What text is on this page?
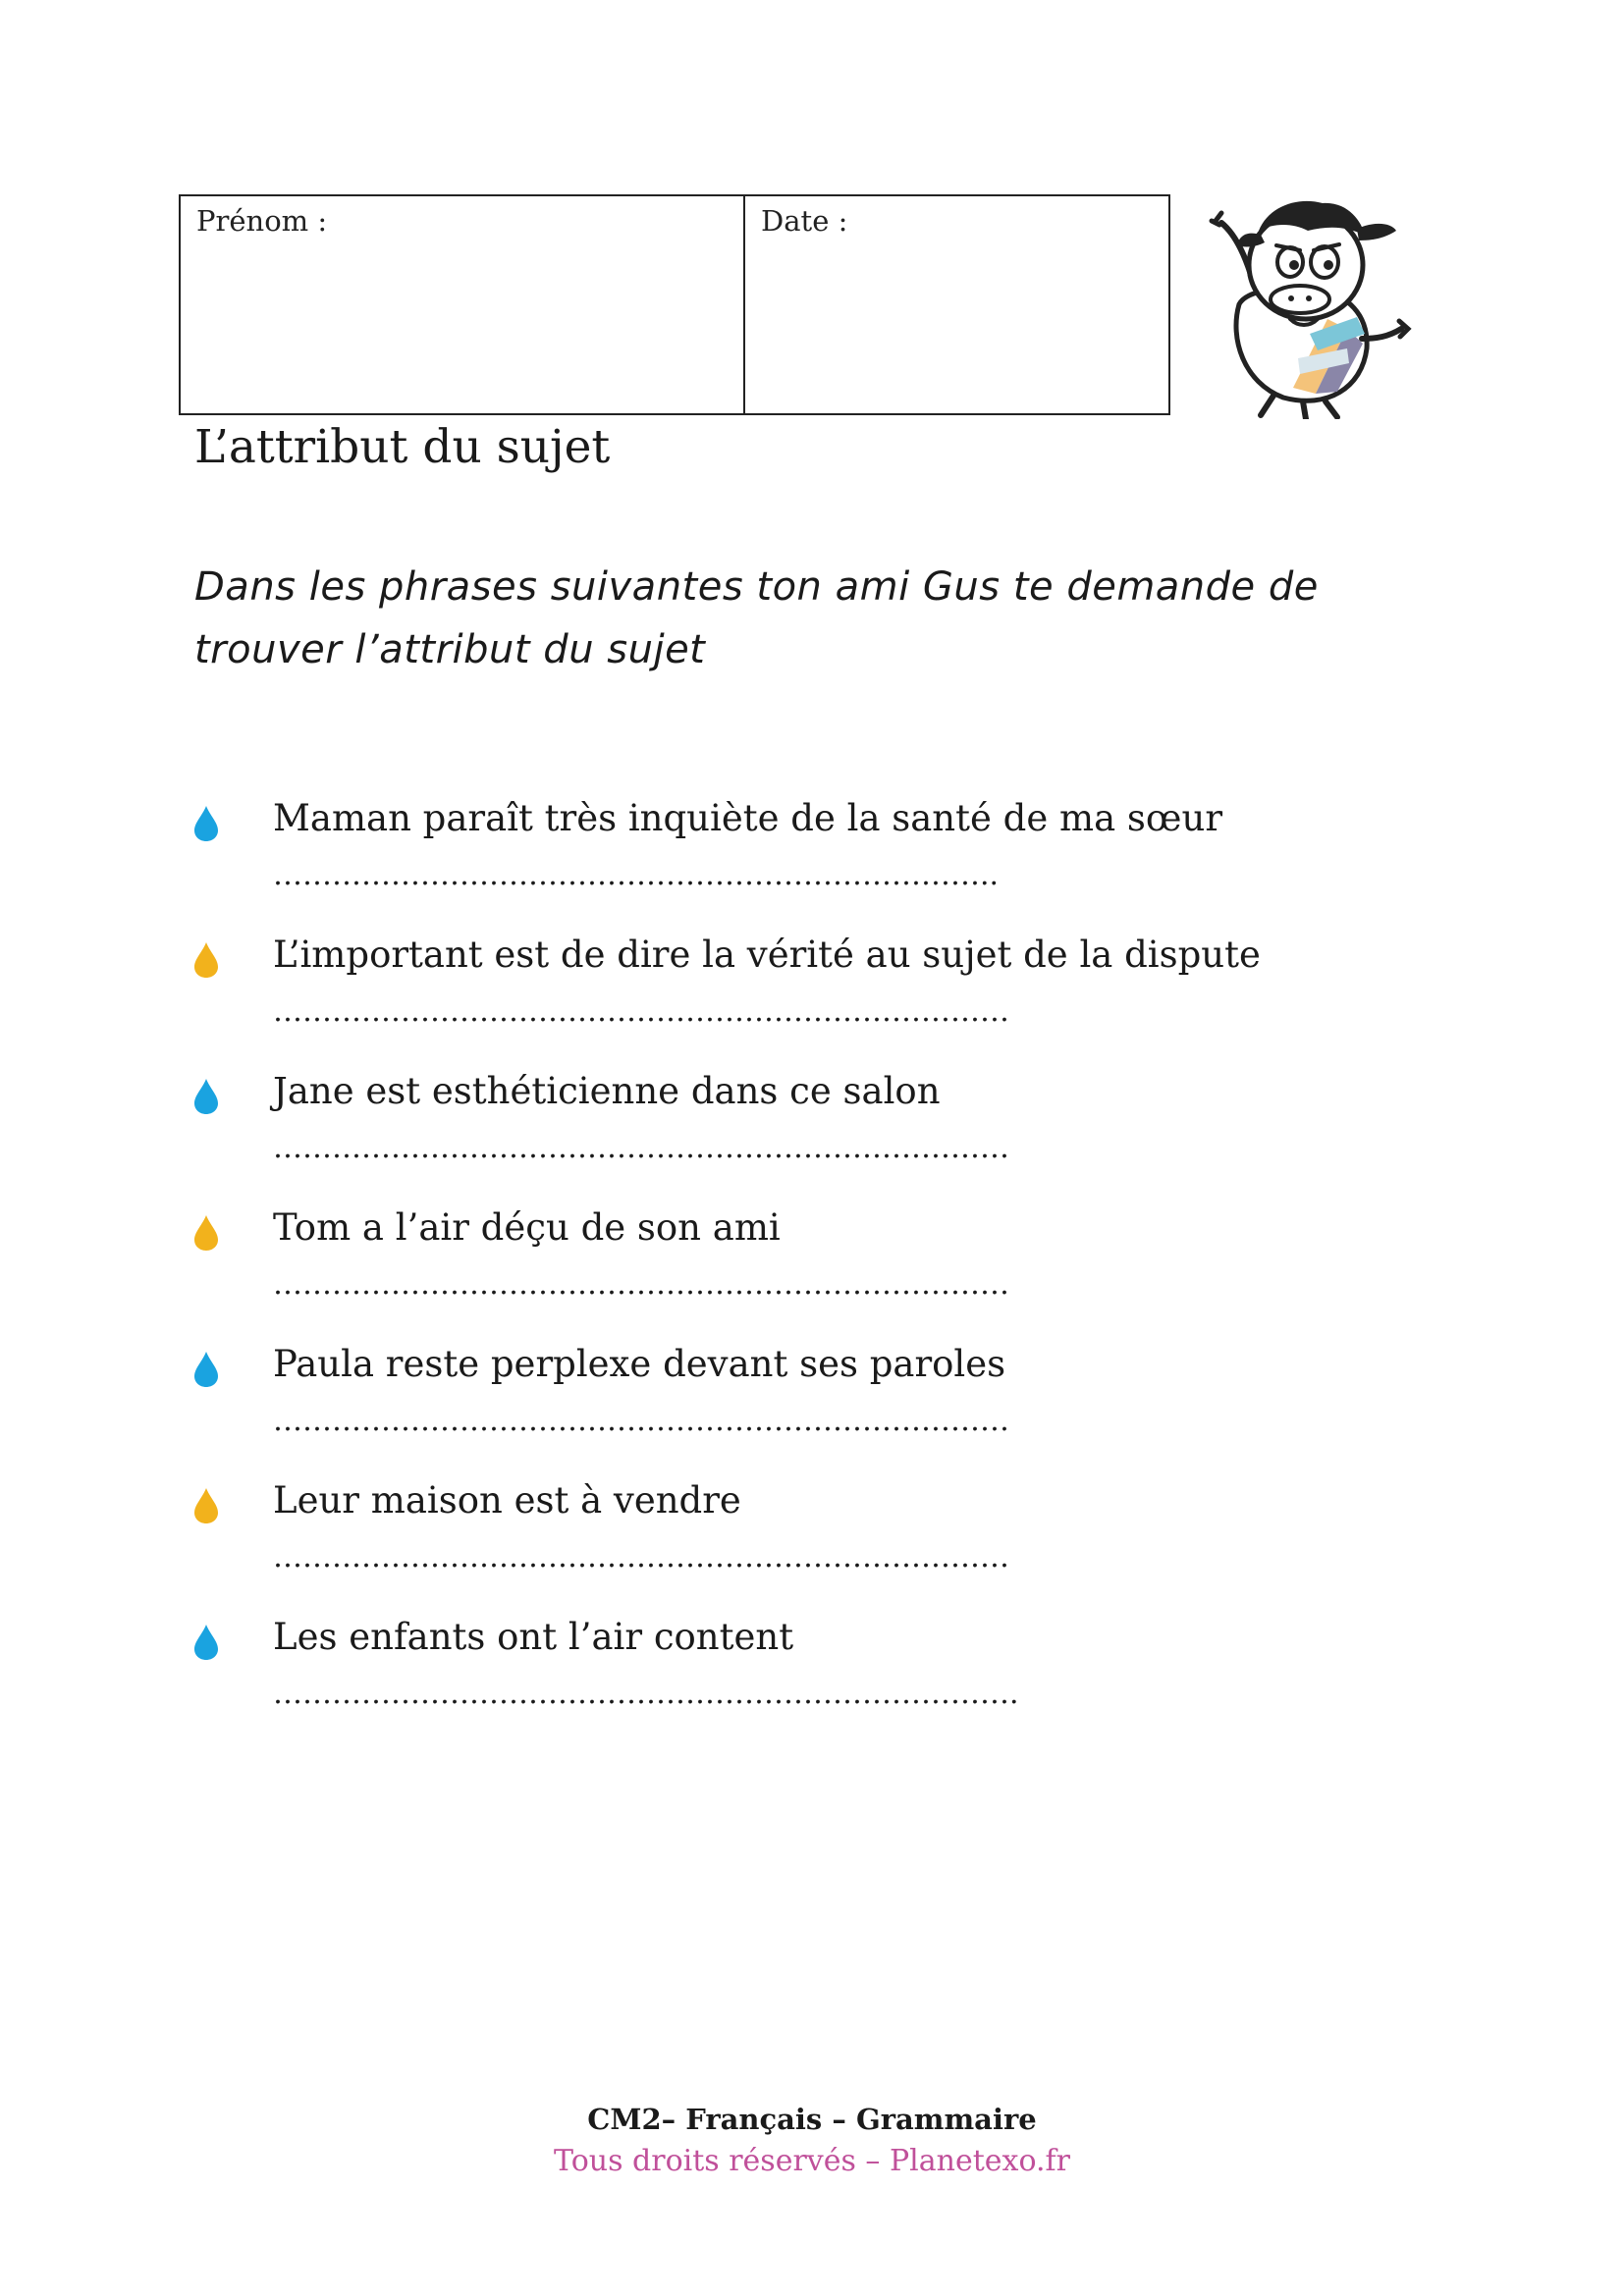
Prénom :	Date :
L’attribut du sujet

Dans les phrases suivantes ton ami Gus te demande de trouver l’attribut du sujet

Maman paraît très inquiète de la santé de ma sœur
………………………………………………………………..
L’important est de dire la vérité au sujet de la dispute
…………………………………………………………………
Jane est esthéticienne dans ce salon
…………………………………………………………………
Tom a l’air déçu de son ami
…………………………………………………………………
Paula reste perplexe devant ses paroles
…………………………………………………………………
Leur maison est à vendre
…………………………………………………………………
Les enfants ont l’air content
………………………………………………………………….
CM2– Français – Grammaire
Tous droits réservés – Planetexo.fr
